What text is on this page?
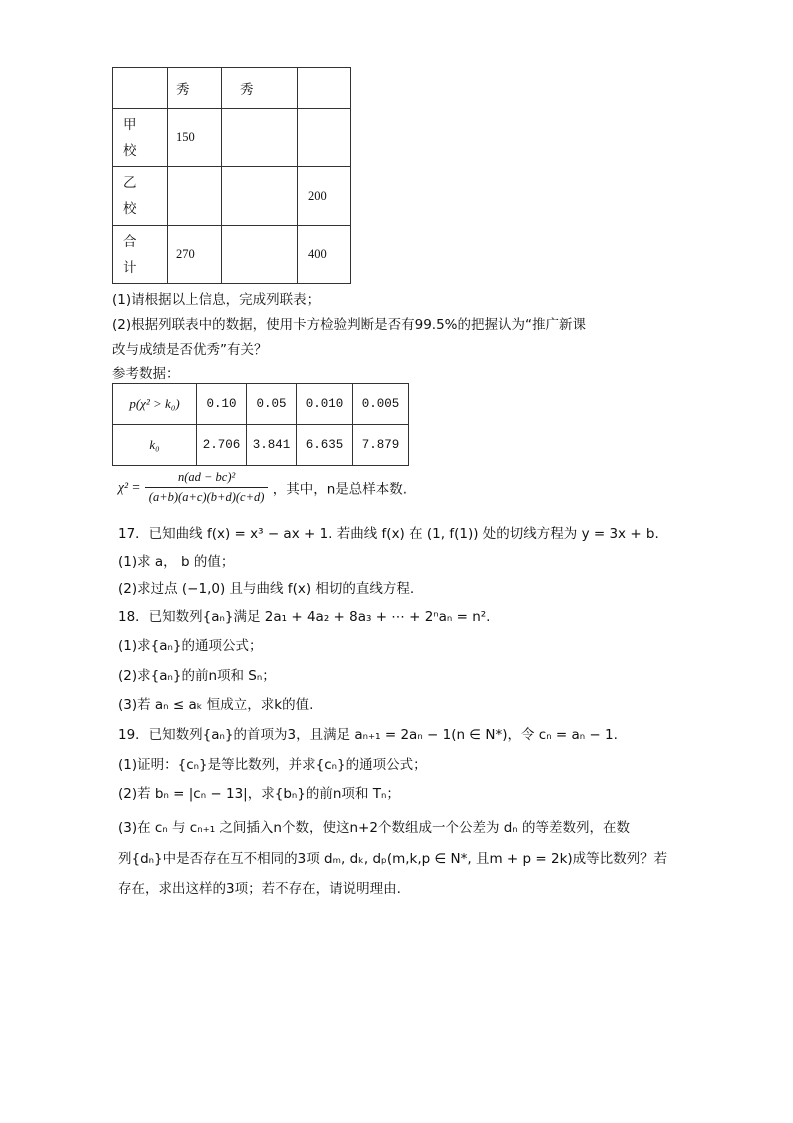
	秀	秀	

甲校	150		

乙校			200

合计	270		400
(1)请根据以上信息，完成列联表；
(2)根据列联表中的数据，使用卡方检验判断是否有99.5%的把握认为“推广新课
改与成绩是否优秀”有关？
参考数据：
p(χ² > k₀)	0.10	0.05	0.010	0.005
k₀	2.706	3.841	6.635	7.879
$\chi^2 = \frac{\text{n(ad − bc)²}}{(a+b)(a+c)(b+d)(c+d)}$ ，其中，n是总样本数.
17．已知曲线 f(x) = x³ − ax + 1. 若曲线 f(x) 在 (1, f(1)) 处的切线方程为 y = 3x + b.
(1)求 a， b 的值；
(2)求过点 (−1,0) 且与曲线 f(x) 相切的直线方程.
18．已知数列{aₙ}满足 2a₁ + 4a₂ + 8a₃ + ⋯ + 2ⁿaₙ = n².
(1)求{aₙ}的通项公式；
(2)求{aₙ}的前n项和 Sₙ；
(3)若 aₙ ≤ aₖ 恒成立，求k的值.
19．已知数列{aₙ}的首项为3，且满足 aₙ₊₁ = 2aₙ − 1(n ∈ N*)，令 cₙ = aₙ − 1.
(1)证明：{cₙ}是等比数列，并求{cₙ}的通项公式；
(2)若 bₙ = |cₙ − 13|，求{bₙ}的前n项和 Tₙ；
(3)在 cₙ 与 cₙ₊₁ 之间插入n个数，使这n+2个数组成一个公差为 dₙ 的等差数列，在数
列{dₙ}中是否存在互不相同的3项 dₘ, dₖ, dₚ(m,k,p ∈ N*, 且m + p = 2k)成等比数列？若
存在，求出这样的3项；若不存在，请说明理由.
